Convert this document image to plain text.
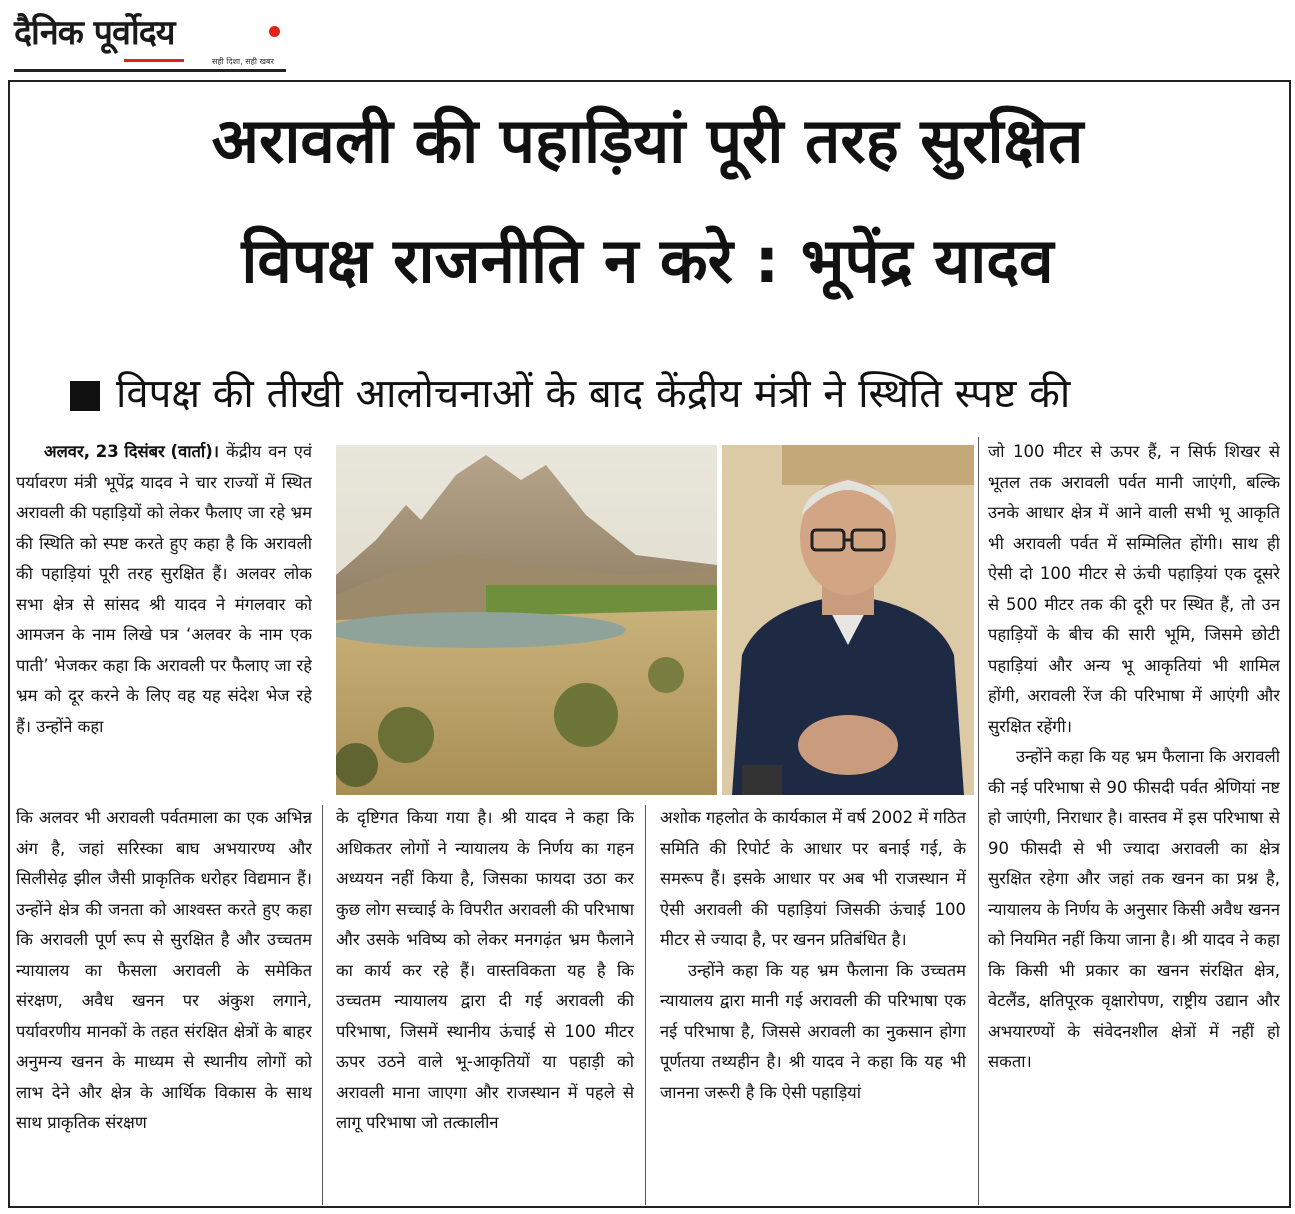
दैनिक पूर्वोदय
सही दिशा, सही खबर
अरावली की पहाड़ियां पूरी तरह सुरक्षित
विपक्ष राजनीति न करे : भूपेंद्र यादव
विपक्ष की तीखी आलोचनाओं के बाद केंद्रीय मंत्री ने स्थिति स्पष्ट की

अलवर, 23 दिसंबर (वार्ता)। केंद्रीय वन एवं पर्यावरण मंत्री भूपेंद्र यादव ने चार राज्यों में स्थित अरावली की पहाड़ियों को लेकर फैलाए जा रहे भ्रम की स्थिति को स्पष्ट करते हुए कहा है कि अरावली की पहाड़ियां पूरी तरह सुरक्षित हैं। अलवर लोक सभा क्षेत्र से सांसद श्री यादव ने मंगलवार को आमजन के नाम लिखे पत्र ‘अलवर के नाम एक पाती’ भेजकर कहा कि अरावली पर फैलाए जा रहे भ्रम को दूर करने के लिए वह यह संदेश भेज रहे हैं। उन्होंने कहा

कि अलवर भी अरावली पर्वतमाला का एक अभिन्न अंग है, जहां सरिस्का बाघ अभयारण्य और सिलीसेढ़ झील जैसी प्राकृतिक धरोहर विद्यमान हैं। उन्होंने क्षेत्र की जनता को आश्वस्त करते हुए कहा कि अरावली पूर्ण रूप से सुरक्षित है और उच्चतम न्यायालय का फैसला अरावली के समेकित संरक्षण, अवैध खनन पर अंकुश लगाने, पर्यावरणीय मानकों के तहत संरक्षित क्षेत्रों के बाहर अनुमन्य खनन के माध्यम से स्थानीय लोगों को लाभ देने और क्षेत्र के आर्थिक विकास के साथ साथ प्राकृतिक संरक्षण

के दृष्टिगत किया गया है। श्री यादव ने कहा कि अधिकतर लोगों ने न्यायालय के निर्णय का गहन अध्ययन नहीं किया है, जिसका फायदा उठा कर कुछ लोग सच्चाई के विपरीत अरावली की परिभाषा और उसके भविष्य को लेकर मनगढ़ंत भ्रम फैलाने का कार्य कर रहे हैं। वास्तविकता यह है कि उच्चतम न्यायालय द्वारा दी गई अरावली की परिभाषा, जिसमें स्थानीय ऊंचाई से 100 मीटर ऊपर उठने वाले भू-आकृतियों या पहाड़ी को अरावली माना जाएगा और राजस्थान में पहले से लागू परिभाषा जो तत्कालीन

अशोक गहलोत के कार्यकाल में वर्ष 2002 में गठित समिति की रिपोर्ट के आधार पर बनाई गई, के समरूप हैं। इसके आधार पर अब भी राजस्थान में ऐसी अरावली की पहाड़ियां जिसकी ऊंचाई 100 मीटर से ज्यादा है, पर खनन प्रतिबंधित है।

उन्होंने कहा कि यह भ्रम फैलाना कि उच्चतम न्यायालय द्वारा मानी गई अरावली की परिभाषा एक नई परिभाषा है, जिससे अरावली का नुकसान होगा पूर्णतया तथ्यहीन है। श्री यादव ने कहा कि यह भी जानना जरूरी है कि ऐसी पहाड़ियां

जो 100 मीटर से ऊपर हैं, न सिर्फ शिखर से भूतल तक अरावली पर्वत मानी जाएंगी, बल्कि उनके आधार क्षेत्र में आने वाली सभी भू आकृति भी अरावली पर्वत में सम्मिलित होंगी। साथ ही ऐसी दो 100 मीटर से ऊंची पहाड़ियां एक दूसरे से 500 मीटर तक की दूरी पर स्थित हैं, तो उन पहाड़ियों के बीच की सारी भूमि, जिसमे छोटी पहाड़ियां और अन्य भू आकृतियां भी शामिल होंगी, अरावली रेंज की परिभाषा में आएंगी और सुरक्षित रहेंगी।

उन्होंने कहा कि यह भ्रम फैलाना कि अरावली की नई परिभाषा से 90 फीसदी पर्वत श्रेणियां नष्ट हो जाएंगी, निराधार है। वास्तव में इस परिभाषा से 90 फीसदी से भी ज्यादा अरावली का क्षेत्र सुरक्षित रहेगा और जहां तक खनन का प्रश्न है, न्यायालय के निर्णय के अनुसार किसी अवैध खनन को नियमित नहीं किया जाना है। श्री यादव ने कहा कि किसी भी प्रकार का खनन संरक्षित क्षेत्र, वेटलैंड, क्षतिपूरक वृक्षारोपण, राष्ट्रीय उद्यान और अभयारण्यों के संवेदनशील क्षेत्रों में नहीं हो सकता।
